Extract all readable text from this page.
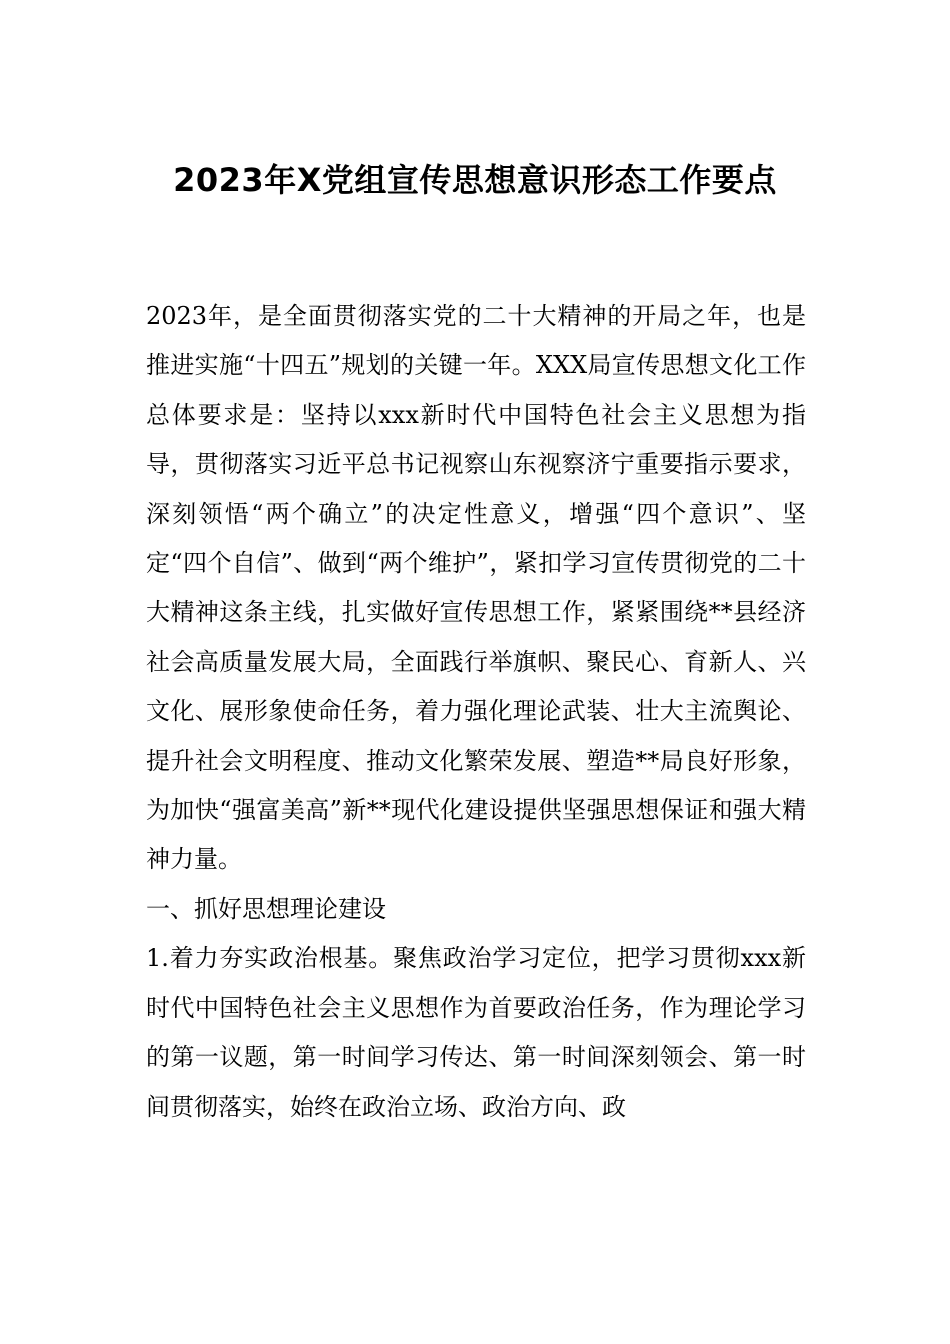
2023年X党组宣传思想意识形态工作要点

2023年，是全面贯彻落实党的二十大精神的开局之年，也是推进实施“十四五”规划的关键一年。XXX局宣传思想文化工作总体要求是：坚持以xxx新时代中国特色社会主义思想为指导，贯彻落实习近平总书记视察山东视察济宁重要指示要求，深刻领悟“两个确立”的决定性意义，增强“四个意识”、坚定“四个自信”、做到“两个维护”，紧扣学习宣传贯彻党的二十大精神这条主线，扎实做好宣传思想工作，紧紧围绕**县经济社会高质量发展大局，全面践行举旗帜、聚民心、育新人、兴文化、展形象使命任务，着力强化理论武装、壮大主流舆论、提升社会文明程度、推动文化繁荣发展、塑造**局良好形象，为加快“强富美高”新**现代化建设提供坚强思想保证和强大精神力量。

一、抓好思想理论建设

1.着力夯实政治根基。聚焦政治学习定位，把学习贯彻xxx新时代中国特色社会主义思想作为首要政治任务，作为理论学习的第一议题，第一时间学习传达、第一时间深刻领会、第一时间贯彻落实，始终在政治立场、政治方向、政
